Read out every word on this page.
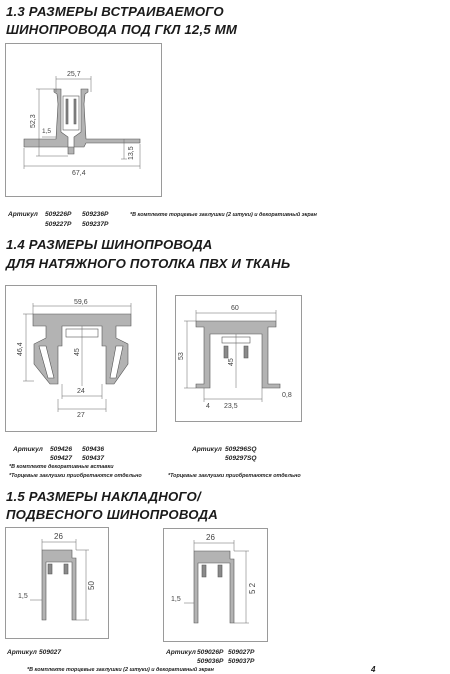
1.3 РАЗМЕРЫ ВСТРАИВАЕМОГО
ШИНОПРОВОДА ПОД ГКЛ 12,5 ММ
25,7
52,3
1,5
13,5
67,4
Артикул 509226Р 509236Р
509227Р 509237Р
*В комплекте торцевые заглушки (2 штуки) и декоративный экран
1.4 РАЗМЕРЫ ШИНОПРОВОДА
ДЛЯ НАТЯЖНОГО ПОТОЛКА ПВХ И ТКАНЬ
59,6
46,4	45
24
27
60
53
45
4 23,5
0,8
Артикул 509426 509436
509427 509437
*В комплекте декоративные вставки
*Торцевые заглушки приобретаются отдельно
Артикул 509296SQ
509297SQ
*Торцевые заглушки приобретаются отдельно
1.5 РАЗМЕРЫ НАКЛАДНОГО/
ПОДВЕСНОГО ШИНОПРОВОДА
26
1,5
50
26
1,5
5 2
Артикул 509027	Артикул 509026Р 509027Р
509036Р 509037Р
*В комплекте торцевые заглушки (2 штуки) и декоративный экран	4
